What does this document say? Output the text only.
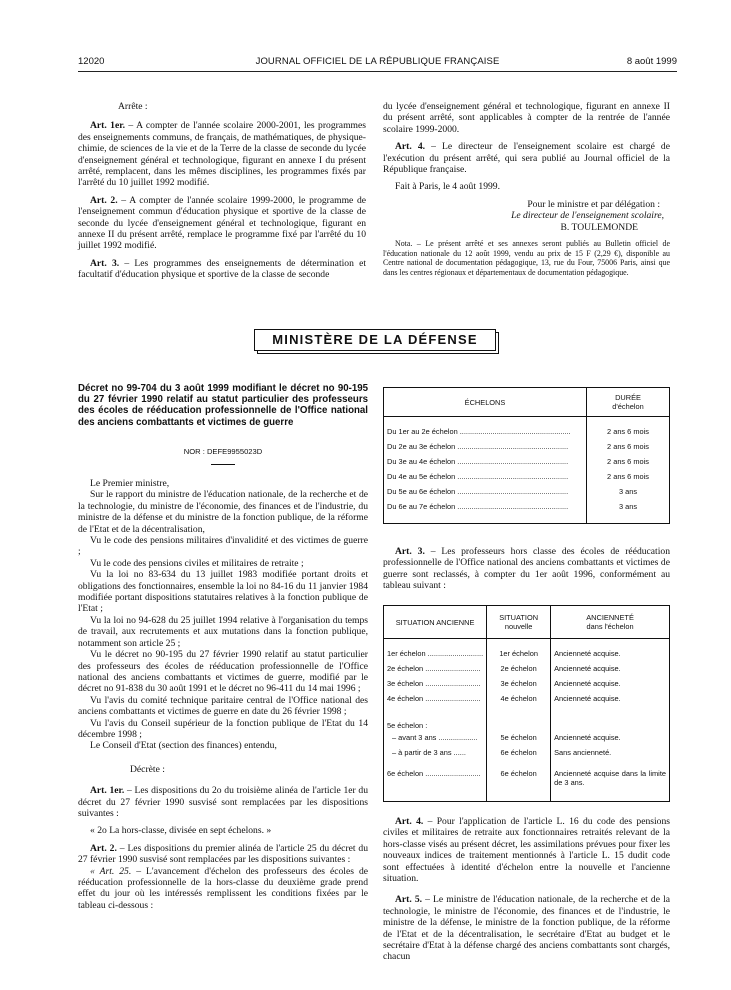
12020	JOURNAL OFFICIEL DE LA RÉPUBLIQUE FRANÇAISE	8 août 1999

Arrête :

Art. 1er. – A compter de l'année scolaire 2000-2001, les programmes des enseignements communs, de français, de mathématiques, de physique-chimie, de sciences de la vie et de la Terre de la classe de seconde du lycée d'enseignement général et technologique, figurant en annexe I du présent arrêté, remplacent, dans les mêmes disciplines, les programmes fixés par l'arrêté du 10 juillet 1992 modifié.

Art. 2. – A compter de l'année scolaire 1999-2000, le programme de l'enseignement commun d'éducation physique et sportive de la classe de seconde du lycée d'enseignement général et technologique, figurant en annexe II du présent arrêté, remplace le programme fixé par l'arrêté du 10 juillet 1992 modifié.

Art. 3. – Les programmes des enseignements de détermination et facultatif d'éducation physique et sportive de la classe de seconde

du lycée d'enseignement général et technologique, figurant en annexe II du présent arrêté, sont applicables à compter de la rentrée de l'année scolaire 1999-2000.

Art. 4. – Le directeur de l'enseignement scolaire est chargé de l'exécution du présent arrêté, qui sera publié au Journal officiel de la République française.

Fait à Paris, le 4 août 1999.

Pour le ministre et par délégation :

Le directeur de l'enseignement scolaire,

B. TOULEMONDE

Nota. – Le présent arrêté et ses annexes seront publiés au Bulletin officiel de l'éducation nationale du 12 août 1999, vendu au prix de 15 F (2,29 €), disponible au Centre national de documentation pédagogique, 13, rue du Four, 75006 Paris, ainsi que dans les centres régionaux et départementaux de documentation pédagogique.

MINISTÈRE DE LA DÉFENSE
Décret no 99-704 du 3 août 1999 modifiant le décret no 90-195 du 27 février 1990 relatif au statut particulier des professeurs des écoles de rééducation professionnelle de l'Office national des anciens combattants et victimes de guerre
NOR : DEFE9955023D

Le Premier ministre,

Sur le rapport du ministre de l'éducation nationale, de la recherche et de la technologie, du ministre de l'économie, des finances et de l'industrie, du ministre de la défense et du ministre de la fonction publique, de la réforme de l'Etat et de la décentralisation,

Vu le code des pensions militaires d'invalidité et des victimes de guerre ;

Vu le code des pensions civiles et militaires de retraite ;

Vu la loi no 83-634 du 13 juillet 1983 modifiée portant droits et obligations des fonctionnaires, ensemble la loi no 84-16 du 11 janvier 1984 modifiée portant dispositions statutaires relatives à la fonction publique de l'Etat ;

Vu la loi no 94-628 du 25 juillet 1994 relative à l'organisation du temps de travail, aux recrutements et aux mutations dans la fonction publique, notamment son article 25 ;

Vu le décret no 90-195 du 27 février 1990 relatif au statut particulier des professeurs des écoles de rééducation professionnelle de l'Office national des anciens combattants et victimes de guerre, modifié par le décret no 91-838 du 30 août 1991 et le décret no 96-411 du 14 mai 1996 ;

Vu l'avis du comité technique paritaire central de l'Office national des anciens combattants et victimes de guerre en date du 26 février 1998 ;

Vu l'avis du Conseil supérieur de la fonction publique de l'Etat du 14 décembre 1998 ;

Le Conseil d'Etat (section des finances) entendu,

Décrète :

Art. 1er. – Les dispositions du 2o du troisième alinéa de l'article 1er du décret du 27 février 1990 susvisé sont remplacées par les dispositions suivantes :

« 2o La hors-classe, divisée en sept échelons. »

Art. 2. – Les dispositions du premier alinéa de l'article 25 du décret du 27 février 1990 susvisé sont remplacées par les dispositions suivantes :

« Art. 25. – L'avancement d'échelon des professeurs des écoles de rééducation professionnelle de la hors-classe du deuxième grade prend effet du jour où les intéressés remplissent les conditions fixées par le tableau ci-dessous :

ÉCHELONS	DURÉE
d'échelon

Du 1er au 2e échelon ......................................................	2 ans 6 mois
Du 2e au 3e échelon ......................................................	2 ans 6 mois
Du 3e au 4e échelon ......................................................	2 ans 6 mois
Du 4e au 5e échelon ......................................................	2 ans 6 mois
Du 5e au 6e échelon ......................................................	3 ans
Du 6e au 7e échelon ......................................................	3 ans

Art. 3. – Les professeurs hors classe des écoles de rééducation professionnelle de l'Office national des anciens combattants et victimes de guerre sont reclassés, à compter du 1er août 1996, conformément au tableau suivant :

SITUATION ANCIENNE	SITUATION
nouvelle	ANCIENNETÉ
dans l'échelon

1er échelon ...........................	1er échelon	Ancienneté acquise.
2e échelon ...........................	2e échelon	Ancienneté acquise.
3e échelon ...........................	3e échelon	Ancienneté acquise.
4e échelon ...........................	4e échelon	Ancienneté acquise.
5e échelon :		
– avant 3 ans ...................	5e échelon	Ancienneté acquise.
– à partir de 3 ans ......	6e échelon	Sans ancienneté.
6e échelon ...........................	6e échelon	Ancienneté acquise dans la limite de 3 ans.

Art. 4. – Pour l'application de l'article L. 16 du code des pensions civiles et militaires de retraite aux fonctionnaires retraités relevant de la hors-classe visés au présent décret, les assimilations prévues pour fixer les nouveaux indices de traitement mentionnés à l'article L. 15 dudit code sont effectuées à identité d'échelon entre la nouvelle et l'ancienne situation.

Art. 5. – Le ministre de l'éducation nationale, de la recherche et de la technologie, le ministre de l'économie, des finances et de l'industrie, le ministre de la défense, le ministre de la fonction publique, de la réforme de l'Etat et de la décentralisation, le secrétaire d'Etat au budget et le secrétaire d'Etat à la défense chargé des anciens combattants sont chargés, chacun
